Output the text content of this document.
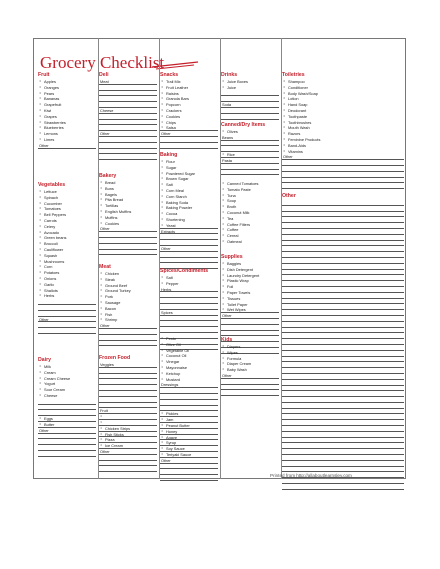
Grocery Checklist
Fruit
• Apples
• Oranges
• Pears
• Bananas
• Grapefruit
• Kiwi
• Grapes
• Strawberries
• Blueberries
• Lemons
• Limes
Other
Vegetables
• Lettuce
• Spinach
• Cucumber
• Tomatoes
• Bell Peppers
• Carrots
• Celery
• Avocado
• Green beans
• Broccoli
• Cauliflower
• Squash
• Mushrooms
• Corn
• Potatoes
• Onions
• Garlic
• Shallots
• Herbs
Other
Dairy
• Milk
• Cream
• Cream Cheese
• Yogurt
• Sour Cream
• Cheese
• Eggs
• Butter
Other
Deli
Meat
Cheese
Other
Bakery
• Bread
• Buns
• Bagels
• Pita Bread
• Tortillas
• English Muffins
• Muffins
• Cookies
Other
Meat
• Chicken
• Steak
• Ground Beef
• Ground Turkey
• Pork
• Sausage
• Bacon
• Fish
• Shrimp
Other
Frozen Food
Veggies
Fruit
•
•
• Chicken Strips
• Fish Sticks
• Pizza
• Ice Cream
Other
Snacks
• Trail Mix
• Fruit Leather
• Raisins
• Granola Bars
• Popcorn
• Crackers
• Cookies
• Chips
• Salsa
Other
Baking
• Flour
• Sugar
• Powdered Sugar
• Brown Sugar
• Salt
• Corn Meal
• Corn Starch
• Baking Soda
• Baking Powder
• Cocoa
• Shortening
• Yeast
Extracts
Other
Spices/Condiments
• Salt
• Pepper
Herbs
Spices
• Pesto
• Olive Oil
• Vegetable Oil
• Coconut Oil
• Vinegar
• Mayonnaise
• Ketchup
• Mustard
Dressings
• Pickles
• Jam
• Peanut Butter
• Honey
• Agave
• Syrup
• Soy Sauce
• Teriyaki Sauce
Other
Drinks
• Juice Boxes
• Juice
Soda
Canned/Dry Items
• Olives
Beans
• Rice
Pasta
• Canned Tomatoes
• Tomato Paste
• Tuna
• Soup
• Broth
• Coconut Milk
• Tea
• Coffee Filters
• Coffee
• Cereal
• Oatmeal
Supplies
• Baggies
• Dish Detergent
• Laundry Detergent
• Plastic Wrap
• Foil
• Paper Towels
• Tissues
• Toilet Paper
• Wet Wipes
Other
Kids
• Diapers
• Wipes
• Formula
• Diaper Cream
• Baby Wash
Other
Toiletries
• Shampoo
• Conditioner
• Body Wash/Soap
• Lotion
• Hand Soap
• Deodorant
• Toothpaste
• Toothbrushes
• Mouth Wash
• Razors
• Feminine Products
• Band-Aids
• Vitamins
Other
Other
Printed from http://allaboutlearnsley.com
